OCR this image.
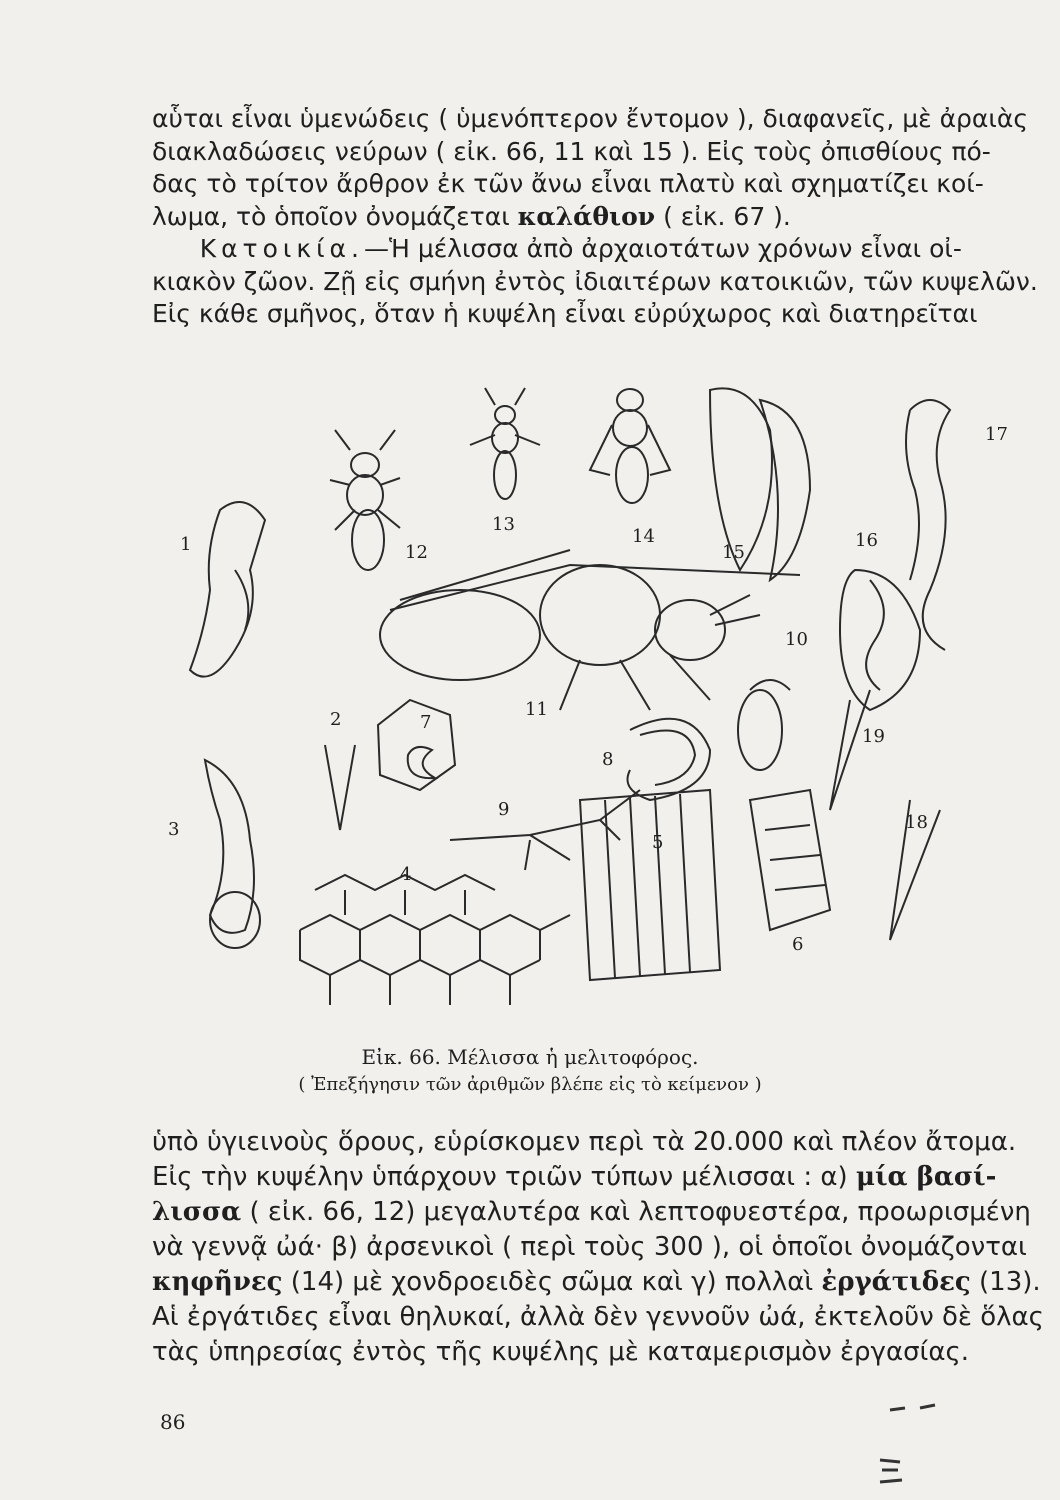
αὗται εἶναι ὑμενώδεις ( ὑμενόπτερον ἔντομον ), διαφανεῖς, μὲ ἀραιὰς
διακλαδώσεις νεύρων ( εἰκ. 66, 11 καὶ 15 ). Εἰς τοὺς ὀπισθίους πό-
δας τὸ τρίτον ἄρθρον ἐκ τῶν ἄνω εἶναι πλατὺ καὶ σχηματίζει κοί-
λωμα, τὸ ὁποῖον ὀνομάζεται καλάθιον ( εἰκ. 67 ).
Κατοικία.—Ἡ μέλισσα ἀπὸ ἀρχαιοτάτων χρόνων εἶναι οἰ-
κιακὸν ζῶον. Ζῇ εἰς σμήνη ἐντὸς ἰδιαιτέρων κατοικιῶν, τῶν κυψελῶν.
Εἰς κάθε σμῆνος, ὅταν ἡ κυψέλη εἶναι εὐρύχωρος καὶ διατηρεῖται

1
2
3
4
5
6
7
8
9
10
11
12
13
14
15
16
17
18
19
Εἰκ. 66. Μέλισσα ἡ μελιτοφόρος.
( Ἐπεξήγησιν τῶν ἀριθμῶν βλέπε εἰς τὸ κείμενον )

ὑπὸ ὑγιεινοὺς ὅρους, εὑρίσκομεν περὶ τὰ 20.000 καὶ πλέον ἄτομα.
Εἰς τὴν κυψέλην ὑπάρχουν τριῶν τύπων μέλισσαι : α) μία βασί-
λισσα ( εἰκ. 66, 12) μεγαλυτέρα καὶ λεπτοφυεστέρα, προωρισμένη
νὰ γεννᾷ ὠά· β) ἀρσενικοὶ ( περὶ τοὺς 300 ), οἱ ὁποῖοι ὀνομάζονται
κηφῆνες (14) μὲ χονδροειδὲς σῶμα καὶ γ) πολλαὶ ἐργάτιδες (13).
Αἱ ἐργάτιδες εἶναι θηλυκαί, ἀλλὰ δὲν γεννοῦν ὠά, ἐκτελοῦν δὲ ὅλας
τὰς ὑπηρεσίας ἐντὸς τῆς κυψέλης μὲ καταμερισμὸν ἐργασίας.

86
